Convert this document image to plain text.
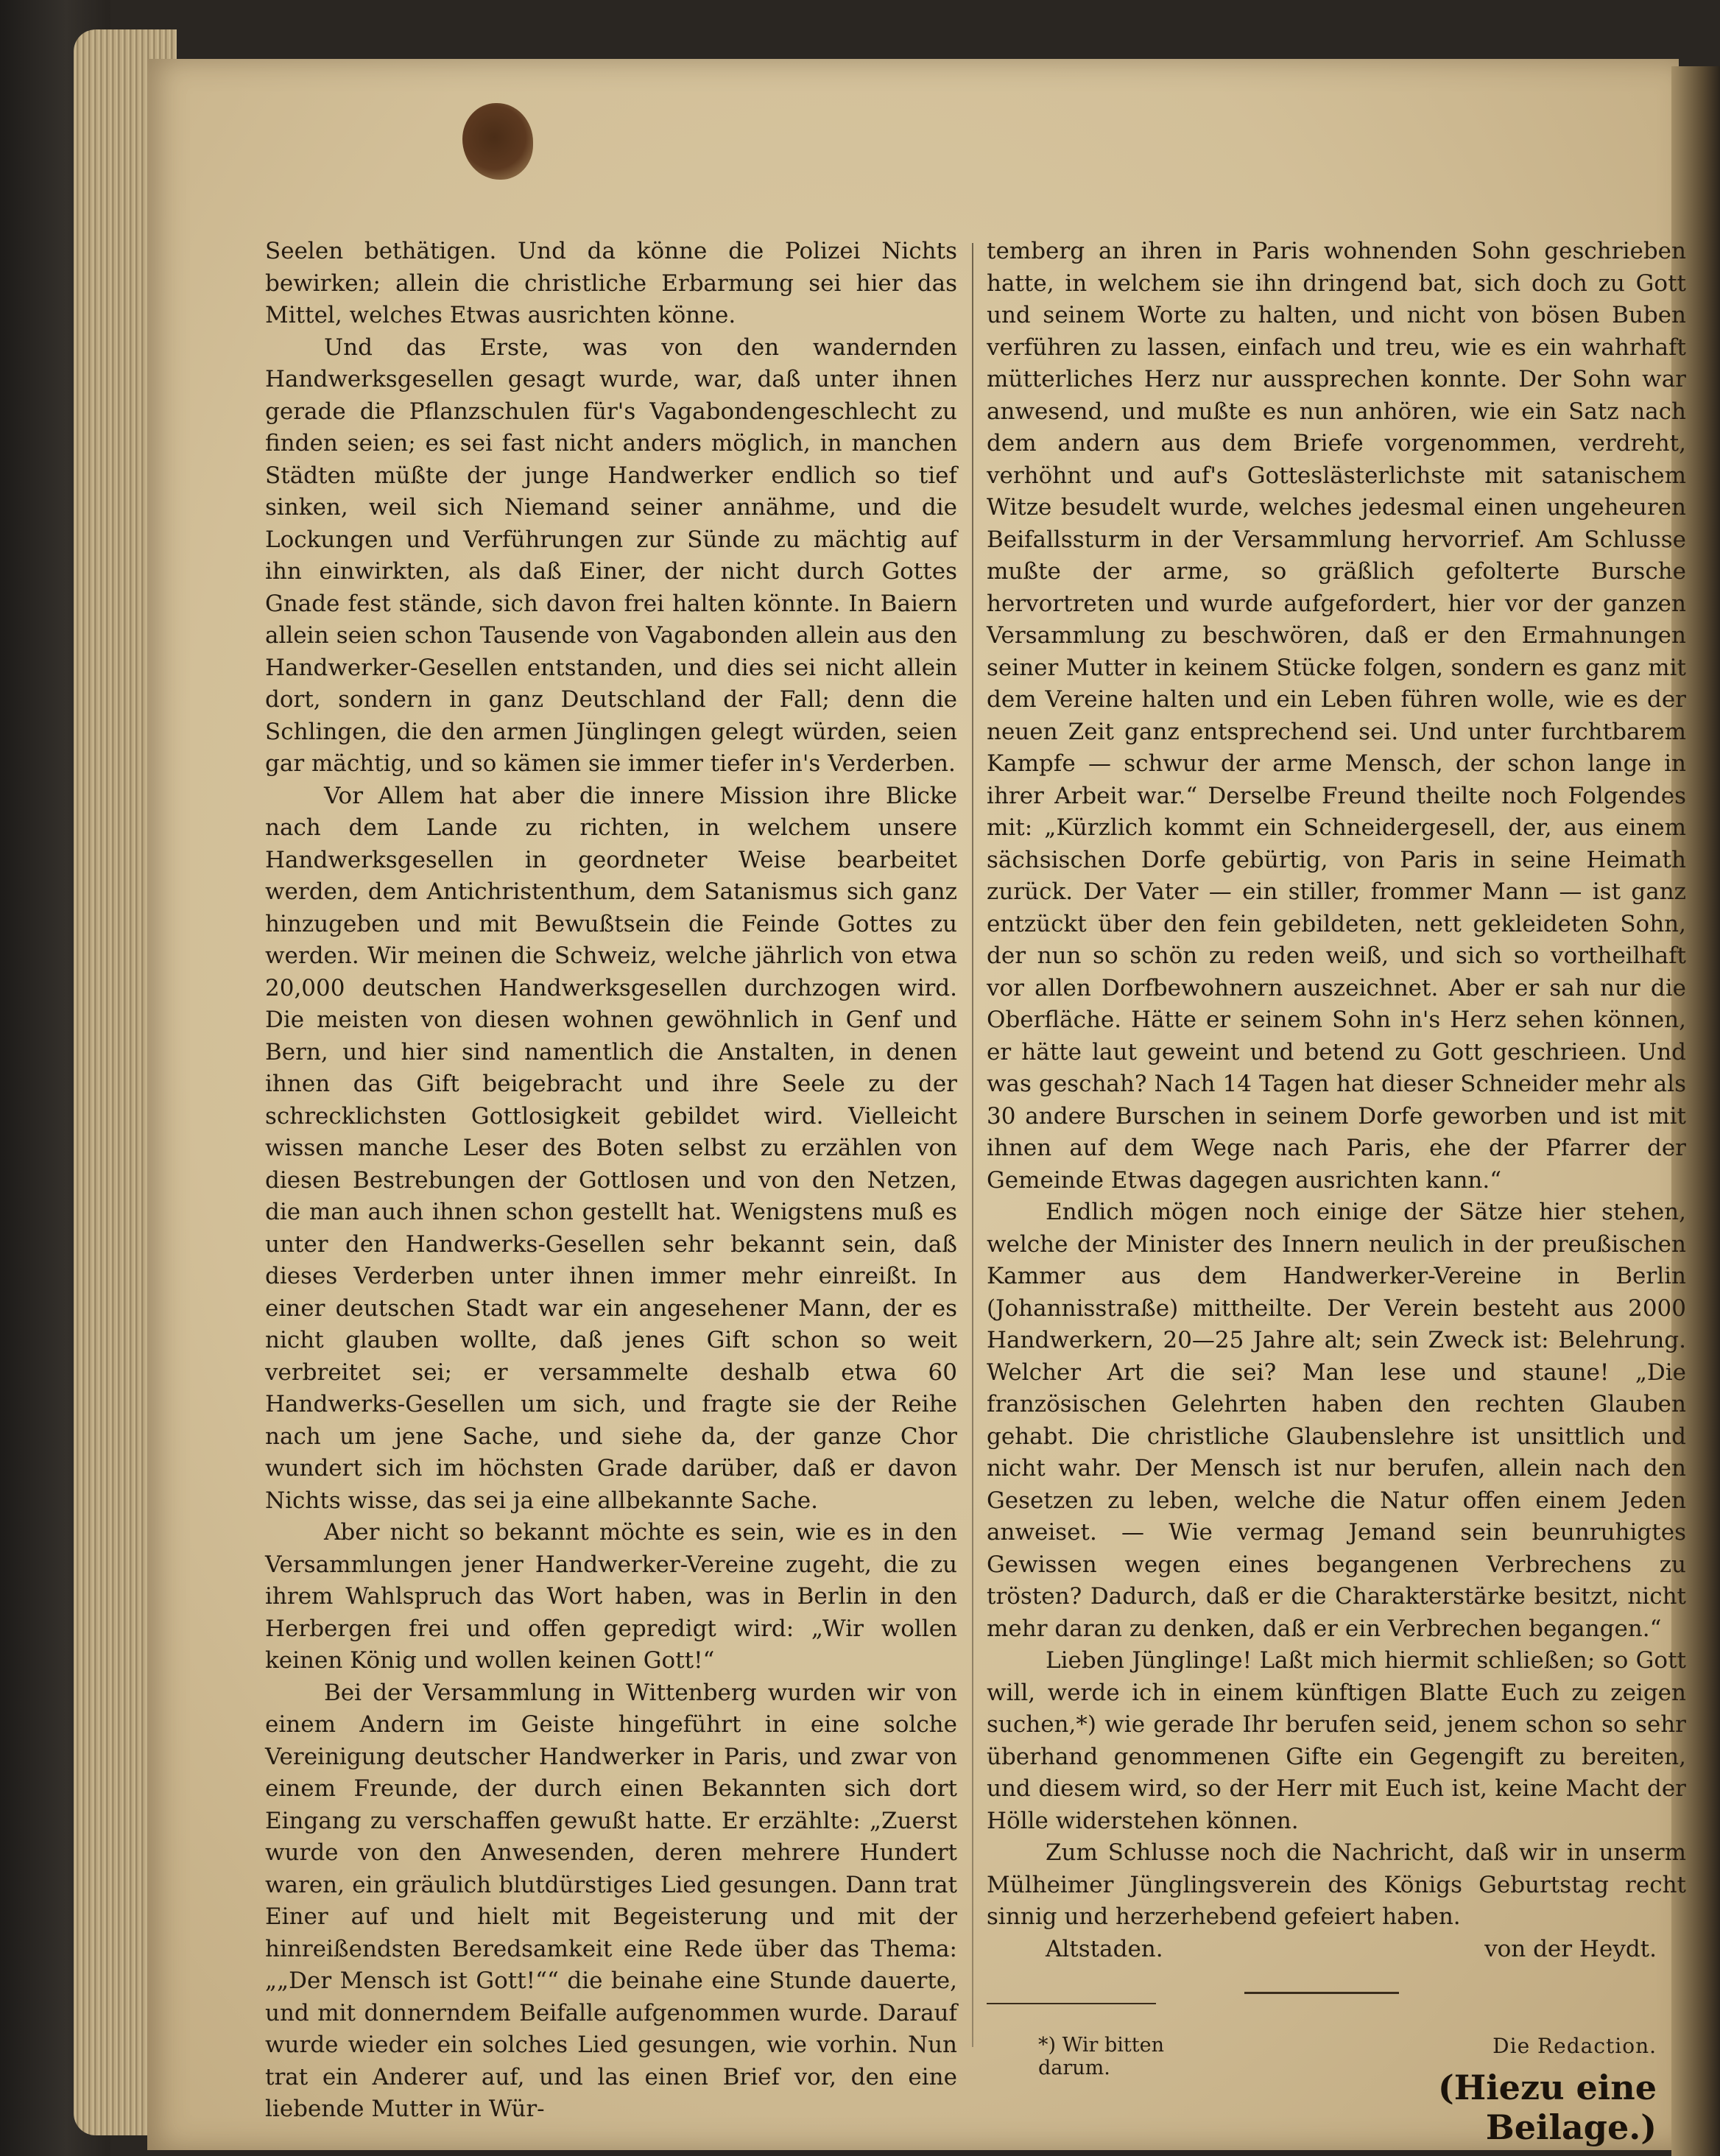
Seelen bethätigen. Und da könne die Polizei Nichts bewirken; allein die christliche Erbarmung sei hier das Mittel, welches Etwas ausrichten könne.

Und das Erste, was von den wandernden Handwerksgesellen gesagt wurde, war, daß unter ihnen gerade die Pflanzschulen für's Vagabondengeschlecht zu finden seien; es sei fast nicht anders möglich, in manchen Städten müßte der junge Handwerker endlich so tief sinken, weil sich Niemand seiner annähme, und die Lockungen und Verführungen zur Sünde zu mächtig auf ihn einwirkten, als daß Einer, der nicht durch Gottes Gnade fest stände, sich davon frei halten könnte. In Baiern allein seien schon Tausende von Vagabonden allein aus den Handwerker-Gesellen entstanden, und dies sei nicht allein dort, sondern in ganz Deutschland der Fall; denn die Schlingen, die den armen Jünglingen gelegt würden, seien gar mächtig, und so kämen sie immer tiefer in's Verderben.

Vor Allem hat aber die innere Mission ihre Blicke nach dem Lande zu richten, in welchem unsere Handwerksgesellen in geordneter Weise bearbeitet werden, dem Antichristenthum, dem Satanismus sich ganz hinzugeben und mit Bewußtsein die Feinde Gottes zu werden. Wir meinen die Schweiz, welche jährlich von etwa 20,000 deutschen Handwerksgesellen durchzogen wird. Die meisten von diesen wohnen gewöhnlich in Genf und Bern, und hier sind namentlich die Anstalten, in denen ihnen das Gift beigebracht und ihre Seele zu der schrecklichsten Gottlosigkeit gebildet wird. Vielleicht wissen manche Leser des Boten selbst zu erzählen von diesen Bestrebungen der Gottlosen und von den Netzen, die man auch ihnen schon gestellt hat. Wenigstens muß es unter den Handwerks-Gesellen sehr bekannt sein, daß dieses Verderben unter ihnen immer mehr einreißt. In einer deutschen Stadt war ein angesehener Mann, der es nicht glauben wollte, daß jenes Gift schon so weit verbreitet sei; er versammelte deshalb etwa 60 Handwerks-Gesellen um sich, und fragte sie der Reihe nach um jene Sache, und siehe da, der ganze Chor wundert sich im höchsten Grade darüber, daß er davon Nichts wisse, das sei ja eine allbekannte Sache.

Aber nicht so bekannt möchte es sein, wie es in den Versammlungen jener Handwerker-Vereine zugeht, die zu ihrem Wahlspruch das Wort haben, was in Berlin in den Herbergen frei und offen gepredigt wird: „Wir wollen keinen König und wollen keinen Gott!“

Bei der Versammlung in Wittenberg wurden wir von einem Andern im Geiste hingeführt in eine solche Vereinigung deutscher Handwerker in Paris, und zwar von einem Freunde, der durch einen Bekannten sich dort Eingang zu verschaffen gewußt hatte. Er erzählte: „Zuerst wurde von den Anwesenden, deren mehrere Hundert waren, ein gräulich blutdürstiges Lied gesungen. Dann trat Einer auf und hielt mit Begeisterung und mit der hinreißendsten Beredsamkeit eine Rede über das Thema: „„Der Mensch ist Gott!““ die beinahe eine Stunde dauerte, und mit donnerndem Beifalle aufgenommen wurde. Darauf wurde wieder ein solches Lied gesungen, wie vorhin. Nun trat ein Anderer auf, und las einen Brief vor, den eine liebende Mutter in Wür-

temberg an ihren in Paris wohnenden Sohn geschrieben hatte, in welchem sie ihn dringend bat, sich doch zu Gott und seinem Worte zu halten, und nicht von bösen Buben verführen zu lassen, einfach und treu, wie es ein wahrhaft mütterliches Herz nur aussprechen konnte. Der Sohn war anwesend, und mußte es nun anhören, wie ein Satz nach dem andern aus dem Briefe vorgenommen, verdreht, verhöhnt und auf's Gotteslästerlichste mit satanischem Witze besudelt wurde, welches jedesmal einen ungeheuren Beifallssturm in der Versammlung hervorrief. Am Schlusse mußte der arme, so gräßlich gefolterte Bursche hervortreten und wurde aufgefordert, hier vor der ganzen Versammlung zu beschwören, daß er den Ermahnungen seiner Mutter in keinem Stücke folgen, sondern es ganz mit dem Vereine halten und ein Leben führen wolle, wie es der neuen Zeit ganz entsprechend sei. Und unter furchtbarem Kampfe — schwur der arme Mensch, der schon lange in ihrer Arbeit war.“ Derselbe Freund theilte noch Folgendes mit: „Kürzlich kommt ein Schneidergesell, der, aus einem sächsischen Dorfe gebürtig, von Paris in seine Heimath zurück. Der Vater — ein stiller, frommer Mann — ist ganz entzückt über den fein gebildeten, nett gekleideten Sohn, der nun so schön zu reden weiß, und sich so vortheilhaft vor allen Dorfbewohnern auszeichnet. Aber er sah nur die Oberfläche. Hätte er seinem Sohn in's Herz sehen können, er hätte laut geweint und betend zu Gott geschrieen. Und was geschah? Nach 14 Tagen hat dieser Schneider mehr als 30 andere Burschen in seinem Dorfe geworben und ist mit ihnen auf dem Wege nach Paris, ehe der Pfarrer der Gemeinde Etwas dagegen ausrichten kann.“

Endlich mögen noch einige der Sätze hier stehen, welche der Minister des Innern neulich in der preußischen Kammer aus dem Handwerker-Vereine in Berlin (Johannisstraße) mittheilte. Der Verein besteht aus 2000 Handwerkern, 20—25 Jahre alt; sein Zweck ist: Belehrung. Welcher Art die sei? Man lese und staune! „Die französischen Gelehrten haben den rechten Glauben gehabt. Die christliche Glaubenslehre ist unsittlich und nicht wahr. Der Mensch ist nur berufen, allein nach den Gesetzen zu leben, welche die Natur offen einem Jeden anweiset. — Wie vermag Jemand sein beunruhigtes Gewissen wegen eines begangenen Verbrechens zu trösten? Dadurch, daß er die Charakterstärke besitzt, nicht mehr daran zu denken, daß er ein Verbrechen begangen.“

Lieben Jünglinge! Laßt mich hiermit schließen; so Gott will, werde ich in einem künftigen Blatte Euch zu zeigen suchen,*) wie gerade Ihr berufen seid, jenem schon so sehr überhand genommenen Gifte ein Gegengift zu bereiten, und diesem wird, so der Herr mit Euch ist, keine Macht der Hölle widerstehen können.

Zum Schlusse noch die Nachricht, daß wir in unserm Mülheimer Jünglingsverein des Königs Geburtstag recht sinnig und herzerhebend gefeiert haben.

Altstaden.	von der Heydt.
*) Wir bitten darum.
Die Redaction.
(Hiezu eine Beilage.)
